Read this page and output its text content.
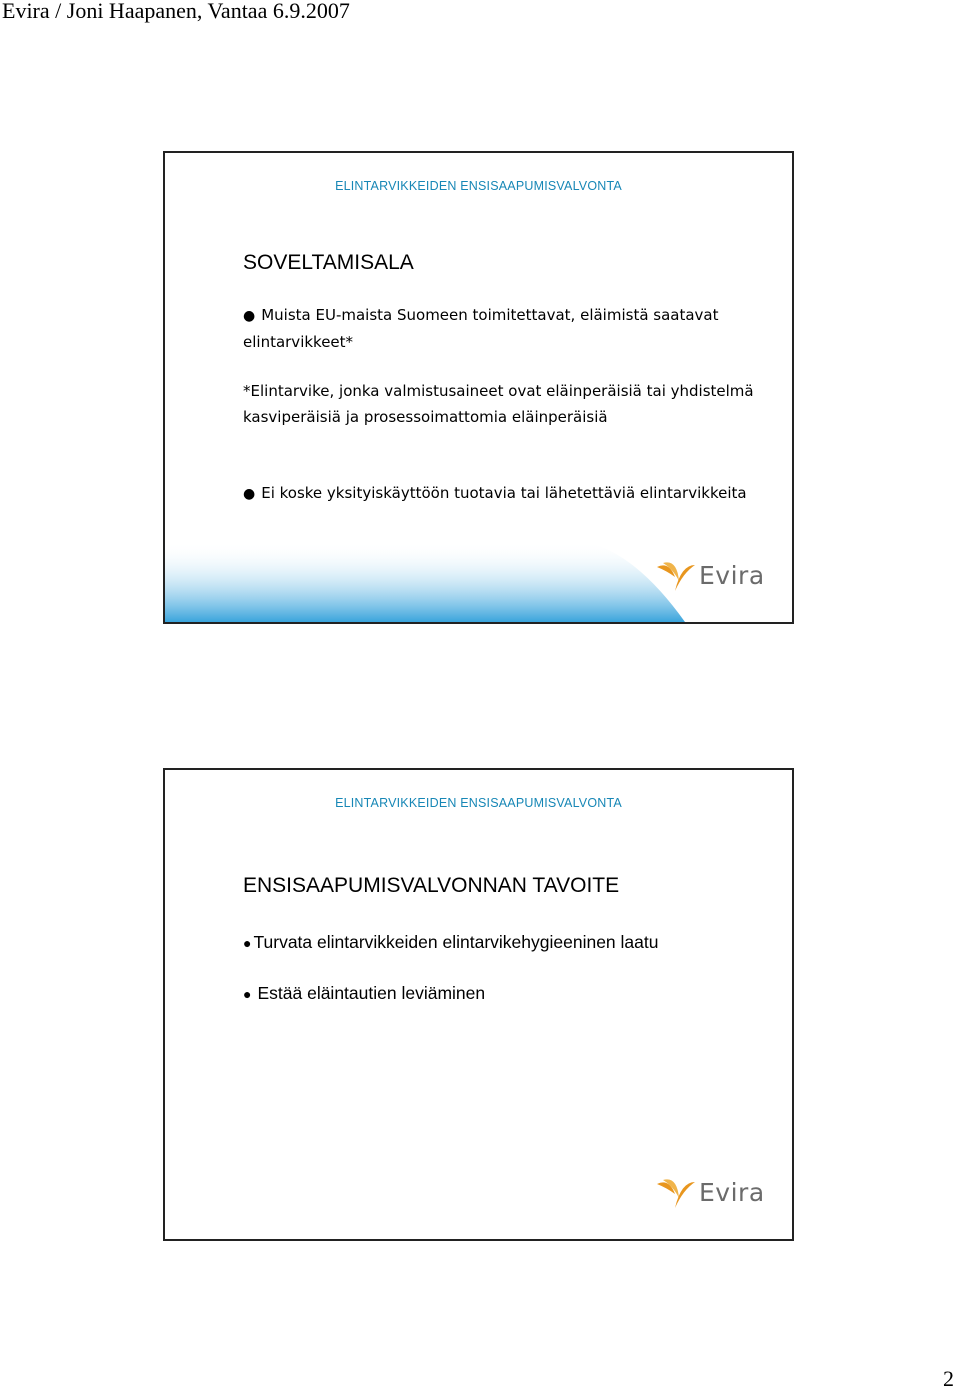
Evira / Joni Haapanen, Vantaa 6.9.2007
ELINTARVIKKEIDEN ENSISAAPUMISVALVONTA
SOVELTAMISALA
● Muista EU-maista Suomeen toimitettavat, eläimistä saatavat elintarvikkeet*
*Elintarvike, jonka valmistusaineet ovat eläinperäisiä tai yhdistelmä kasviperäisiä ja prosessoimattomia eläinperäisiä
● Ei koske yksityiskäyttöön tuotavia tai lähetettäviä elintarvikkeita
Evira
ELINTARVIKKEIDEN ENSISAAPUMISVALVONTA
ENSISAAPUMISVALVONNAN TAVOITE
● Turvata elintarvikkeiden elintarvikehygieeninen laatu
● Estää eläintautien leviäminen
Evira
2
